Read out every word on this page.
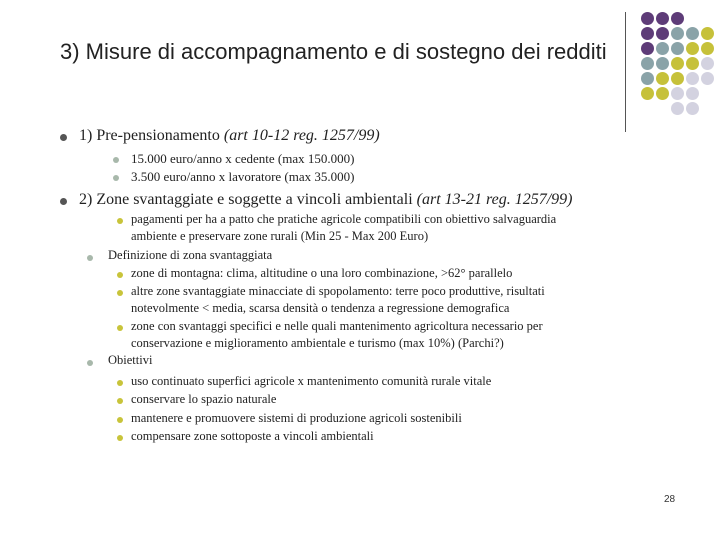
3) Misure di accompagnamento e di sostegno dei redditi
1) Pre-pensionamento (art 10-12 reg. 1257/99)
15.000 euro/anno x cedente (max 150.000)
3.500 euro/anno x lavoratore (max 35.000)
2) Zone svantaggiate e soggette a vincoli ambientali (art 13-21 reg. 1257/99)
pagamenti per ha a patto che pratiche agricole compatibili con obiettivo salvaguardia
ambiente e preservare zone rurali (Min 25 - Max 200 Euro)
Definizione di zona svantaggiata
zone di montagna: clima, altitudine o una loro combinazione, >62° parallelo
altre zone svantaggiate minacciate di spopolamento: terre poco produttive, risultati
notevolmente < media, scarsa densità o tendenza a regressione demografica
zone con svantaggi specifici e nelle quali mantenimento agricoltura necessario per
conservazione e miglioramento ambientale e turismo (max 10%) (Parchi?)
Obiettivi
uso continuato superfici agricole x mantenimento comunità rurale vitale
conservare lo spazio naturale
mantenere e promuovere sistemi di produzione agricoli sostenibili
compensare zone sottoposte a vincoli ambientali
28
